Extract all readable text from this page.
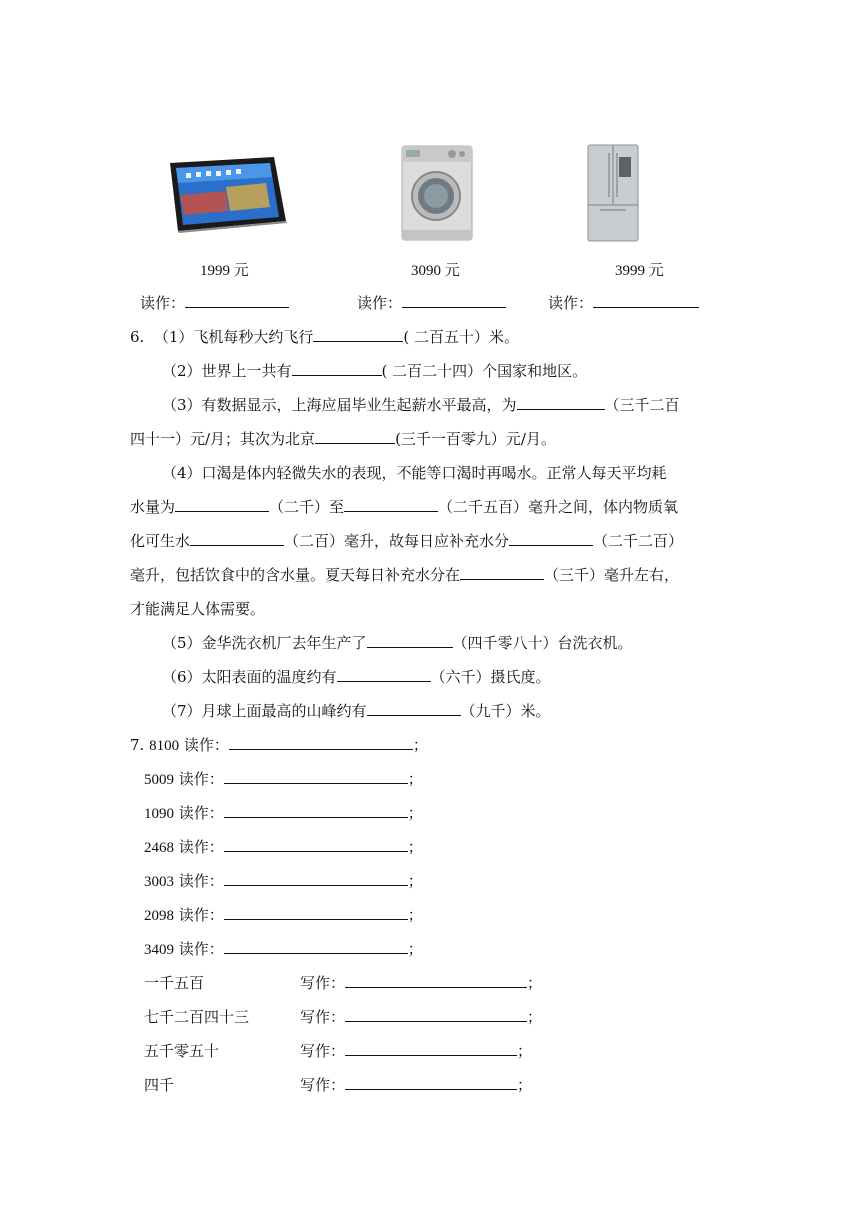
1999 元	3090 元	3999 元
读作：	读作：	读作：
6. （1）飞机每秒大约飞行	( 二百五十）米。
（2）世界上一共有	( 二百二十四）个国家和地区。
（3）有数据显示，上海应届毕业生起薪水平最高，为	（三千二百
四十一）元/月；其次为北京	(三千一百零九）元/月。
（4）口渴是体内轻微失水的表现，不能等口渴时再喝水。正常人每天平均耗
水量为	（二千）至	（二千五百）毫升之间，体内物质氧
化可生水	（二百）毫升，故每日应补充水分	（二千二百）
毫升，包括饮食中的含水量。夏天每日补充水分在	（三千）毫升左右，
才能满足人体需要。
（5）金华洗衣机厂去年生产了	（四千零八十）台洗衣机。
（6）太阳表面的温度约有	（六千）摄氏度。
（7）月球上面最高的山峰约有	（九千）米。
7. 8100 读作：	；
5009 读作：	；
1090 读作：	；
2468 读作：	；
3003 读作：	；
2098 读作：	；
3409 读作：	；
一千五百	写作：	；
七千二百四十三	写作：	；
五千零五十	写作：	；
四千	写作：	；
